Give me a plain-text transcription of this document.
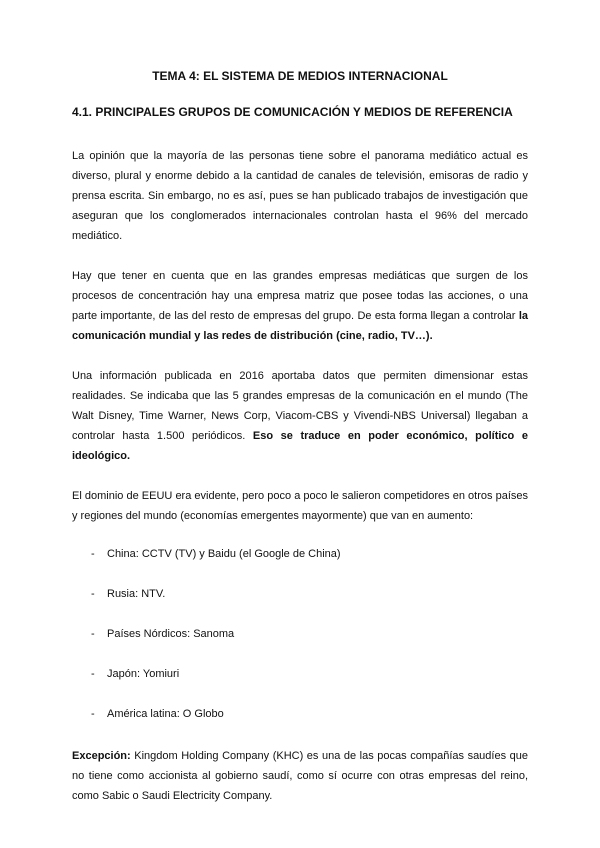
TEMA 4: EL SISTEMA DE MEDIOS INTERNACIONAL
4.1. PRINCIPALES GRUPOS DE COMUNICACIÓN Y MEDIOS DE REFERENCIA

La opinión que la mayoría de las personas tiene sobre el panorama mediático actual es diverso, plural y enorme debido a la cantidad de canales de televisión, emisoras de radio y prensa escrita. Sin embargo, no es así, pues se han publicado trabajos de investigación que aseguran que los conglomerados internacionales controlan hasta el 96% del mercado mediático.

Hay que tener en cuenta que en las grandes empresas mediáticas que surgen de los procesos de concentración hay una empresa matriz que posee todas las acciones, o una parte importante, de las del resto de empresas del grupo. De esta forma llegan a controlar la comunicación mundial y las redes de distribución (cine, radio, TV…).

Una información publicada en 2016 aportaba datos que permiten dimensionar estas realidades. Se indicaba que las 5 grandes empresas de la comunicación en el mundo (The Walt Disney, Time Warner, News Corp, Viacom-CBS y Vivendi-NBS Universal) llegaban a controlar hasta 1.500 periódicos. Eso se traduce en poder económico, político e ideológico.

El dominio de EEUU era evidente, pero poco a poco le salieron competidores en otros países y regiones del mundo (economías emergentes mayormente) que van en aumento:

- China: CCTV (TV) y Baidu (el Google de China)
- Rusia: NTV.
- Países Nórdicos: Sanoma
- Japón: Yomiuri
- América latina: O Globo

Excepción: Kingdom Holding Company (KHC) es una de las pocas compañías saudíes que no tiene como accionista al gobierno saudí, como sí ocurre con otras empresas del reino, como Sabic o Saudi Electricity Company.
